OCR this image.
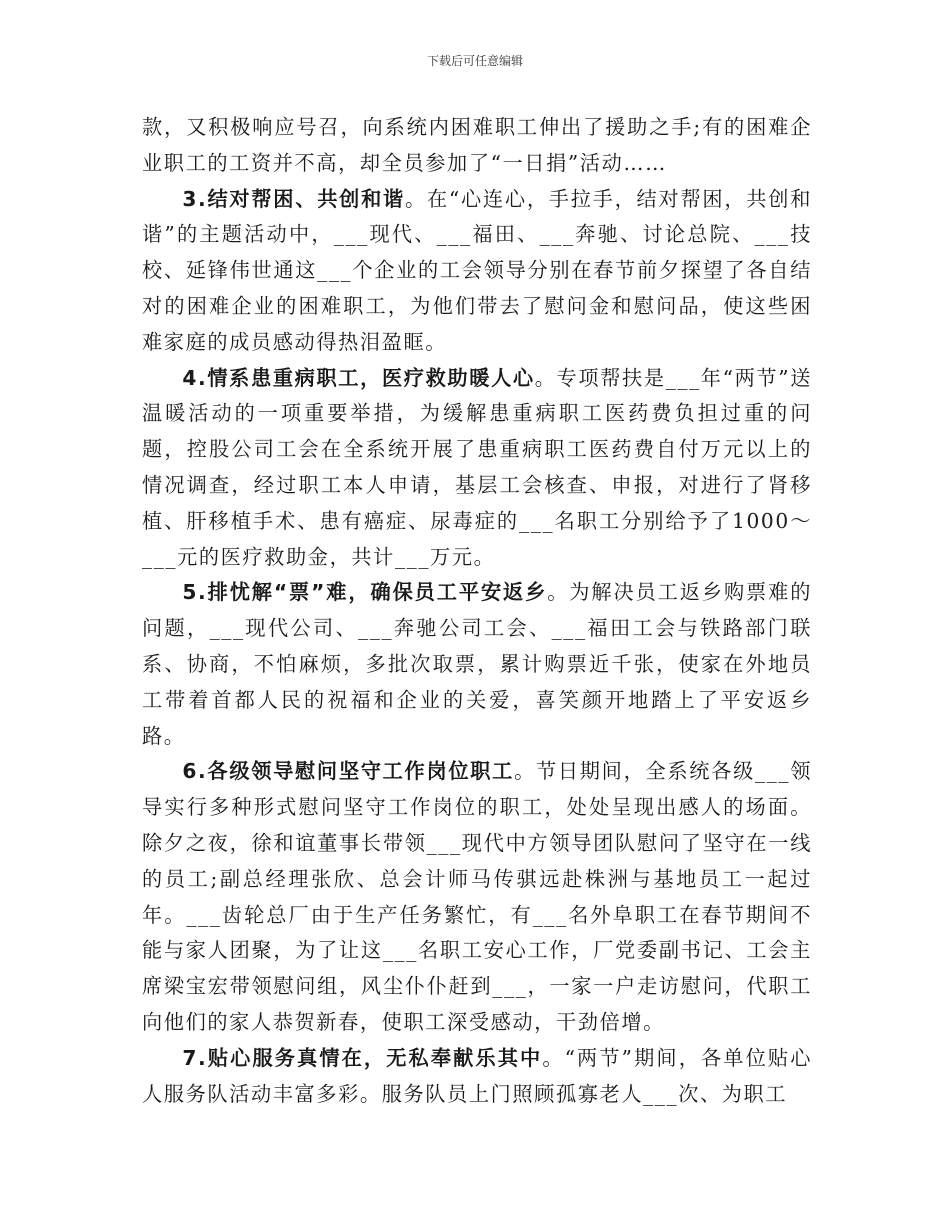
下载后可任意编辑

款，又积极响应号召，向系统内困难职工伸出了援助之手;有的困难企业职工的工资并不高，却全员参加了“一日捐”活动……

3.结对帮困、共创和谐。在“心连心，手拉手，结对帮困，共创和谐”的主题活动中，___现代、___福田、___奔驰、讨论总院、___技校、延锋伟世通这___个企业的工会领导分别在春节前夕探望了各自结对的困难企业的困难职工，为他们带去了慰问金和慰问品，使这些困难家庭的成员感动得热泪盈眶。

4.情系患重病职工，医疗救助暖人心。专项帮扶是___年“两节”送温暖活动的一项重要举措，为缓解患重病职工医药费负担过重的问题，控股公司工会在全系统开展了患重病职工医药费自付万元以上的情况调查，经过职工本人申请，基层工会核查、申报，对进行了肾移植、肝移植手术、患有癌症、尿毒症的___名职工分别给予了1000～___元的医疗救助金，共计___万元。

5.排忧解“票”难，确保员工平安返乡。为解决员工返乡购票难的问题，___现代公司、___奔驰公司工会、___福田工会与铁路部门联系、协商，不怕麻烦，多批次取票，累计购票近千张，使家在外地员工带着首都人民的祝福和企业的关爱，喜笑颜开地踏上了平安返乡路。

6.各级领导慰问坚守工作岗位职工。节日期间，全系统各级___领导实行多种形式慰问坚守工作岗位的职工，处处呈现出感人的场面。除夕之夜，徐和谊董事长带领___现代中方领导团队慰问了坚守在一线的员工;副总经理张欣、总会计师马传骐远赴株洲与基地员工一起过年。___齿轮总厂由于生产任务繁忙，有___名外阜职工在春节期间不能与家人团聚，为了让这___名职工安心工作，厂党委副书记、工会主席梁宝宏带领慰问组，风尘仆仆赶到___，一家一户走访慰问，代职工向他们的家人恭贺新春，使职工深受感动，干劲倍增。

7.贴心服务真情在，无私奉献乐其中。“两节”期间，各单位贴心人服务队活动丰富多彩。服务队员上门照顾孤寡老人___次、为职工
